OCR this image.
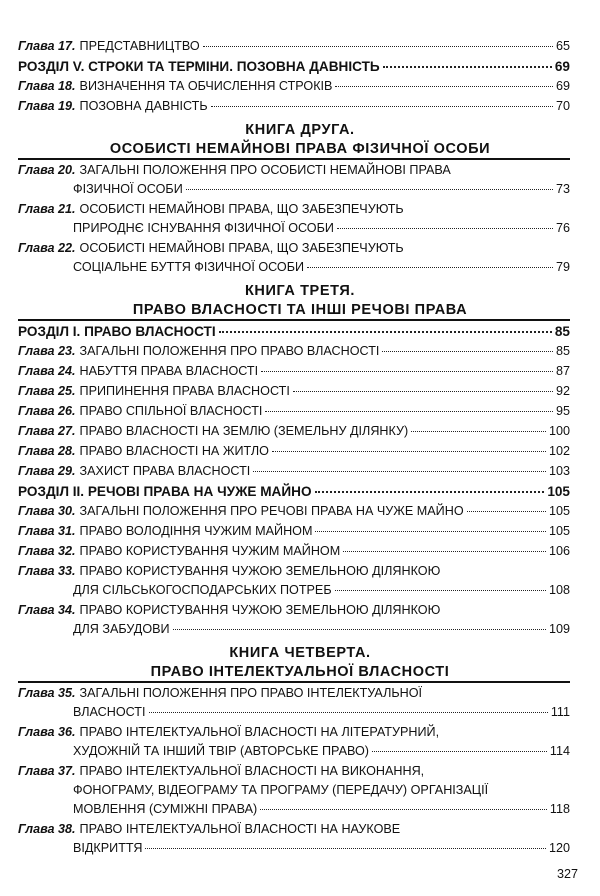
Глава 17. ПРЕДСТАВНИЦТВО	65
РОЗДІЛ V. СТРОКИ ТА ТЕРМІНИ. ПОЗОВНА ДАВНІСТЬ	69
Глава 18. ВИЗНАЧЕННЯ ТА ОБЧИСЛЕННЯ СТРОКІВ	69
Глава 19. ПОЗОВНА ДАВНІСТЬ	70
КНИГА ДРУГА.
ОСОБИСТІ НЕМАЙНОВІ ПРАВА ФІЗИЧНОЇ ОСОБИ
Глава 20. ЗАГАЛЬНІ ПОЛОЖЕННЯ ПРО ОСОБИСТІ НЕМАЙНОВІ ПРАВА
ФІЗИЧНОЇ ОСОБИ	73
Глава 21. ОСОБИСТІ НЕМАЙНОВІ ПРАВА, ЩО ЗАБЕЗПЕЧУЮТЬ
ПРИРОДНЄ ІСНУВАННЯ ФІЗИЧНОЇ ОСОБИ	76
Глава 22. ОСОБИСТІ НЕМАЙНОВІ ПРАВА, ЩО ЗАБЕЗПЕЧУЮТЬ
СОЦІАЛЬНЕ БУТТЯ ФІЗИЧНОЇ ОСОБИ	79
КНИГА ТРЕТЯ.
ПРАВО ВЛАСНОСТІ ТА ІНШІ РЕЧОВІ ПРАВА
РОЗДІЛ І. ПРАВО ВЛАСНОСТІ	85
Глава 23. ЗАГАЛЬНІ ПОЛОЖЕННЯ ПРО ПРАВО ВЛАСНОСТІ	85
Глава 24. НАБУТТЯ ПРАВА ВЛАСНОСТІ	87
Глава 25. ПРИПИНЕННЯ ПРАВА ВЛАСНОСТІ	92
Глава 26. ПРАВО СПІЛЬНОЇ ВЛАСНОСТІ	95
Глава 27. ПРАВО ВЛАСНОСТІ НА ЗЕМЛЮ (ЗЕМЕЛЬНУ ДІЛЯНКУ)	100
Глава 28. ПРАВО ВЛАСНОСТІ НА ЖИТЛО	102
Глава 29. ЗАХИСТ ПРАВА ВЛАСНОСТІ	103
РОЗДІЛ ІІ. РЕЧОВІ ПРАВА НА ЧУЖЕ МАЙНО	105
Глава 30. ЗАГАЛЬНІ ПОЛОЖЕННЯ ПРО РЕЧОВІ ПРАВА НА ЧУЖЕ МАЙНО	105
Глава 31. ПРАВО ВОЛОДІННЯ ЧУЖИМ МАЙНОМ	105
Глава 32. ПРАВО КОРИСТУВАННЯ ЧУЖИМ МАЙНОМ	106
Глава 33. ПРАВО КОРИСТУВАННЯ ЧУЖОЮ ЗЕМЕЛЬНОЮ ДІЛЯНКОЮ
ДЛЯ СІЛЬСЬКОГОСПОДАРСЬКИХ ПОТРЕБ	108
Глава 34. ПРАВО КОРИСТУВАННЯ ЧУЖОЮ ЗЕМЕЛЬНОЮ ДІЛЯНКОЮ
ДЛЯ ЗАБУДОВИ	109
КНИГА ЧЕТВЕРТА.
ПРАВО ІНТЕЛЕКТУАЛЬНОЇ ВЛАСНОСТІ
Глава 35. ЗАГАЛЬНІ ПОЛОЖЕННЯ ПРО ПРАВО ІНТЕЛЕКТУАЛЬНОЇ
ВЛАСНОСТІ	111
Глава 36. ПРАВО ІНТЕЛЕКТУАЛЬНОЇ ВЛАСНОСТІ НА ЛІТЕРАТУРНИЙ,
ХУДОЖНІЙ ТА ІНШИЙ ТВІР (АВТОРСЬКЕ ПРАВО)	114
Глава 37. ПРАВО ІНТЕЛЕКТУАЛЬНОЇ ВЛАСНОСТІ НА ВИКОНАННЯ,
ФОНОГРАМУ, ВІДЕОГРАМУ ТА ПРОГРАМУ (ПЕРЕДАЧУ) ОРГАНІЗАЦІЇ
МОВЛЕННЯ (СУМІЖНІ ПРАВА)	118
Глава 38. ПРАВО ІНТЕЛЕКТУАЛЬНОЇ ВЛАСНОСТІ НА НАУКОВЕ
ВІДКРИТТЯ	120
327
